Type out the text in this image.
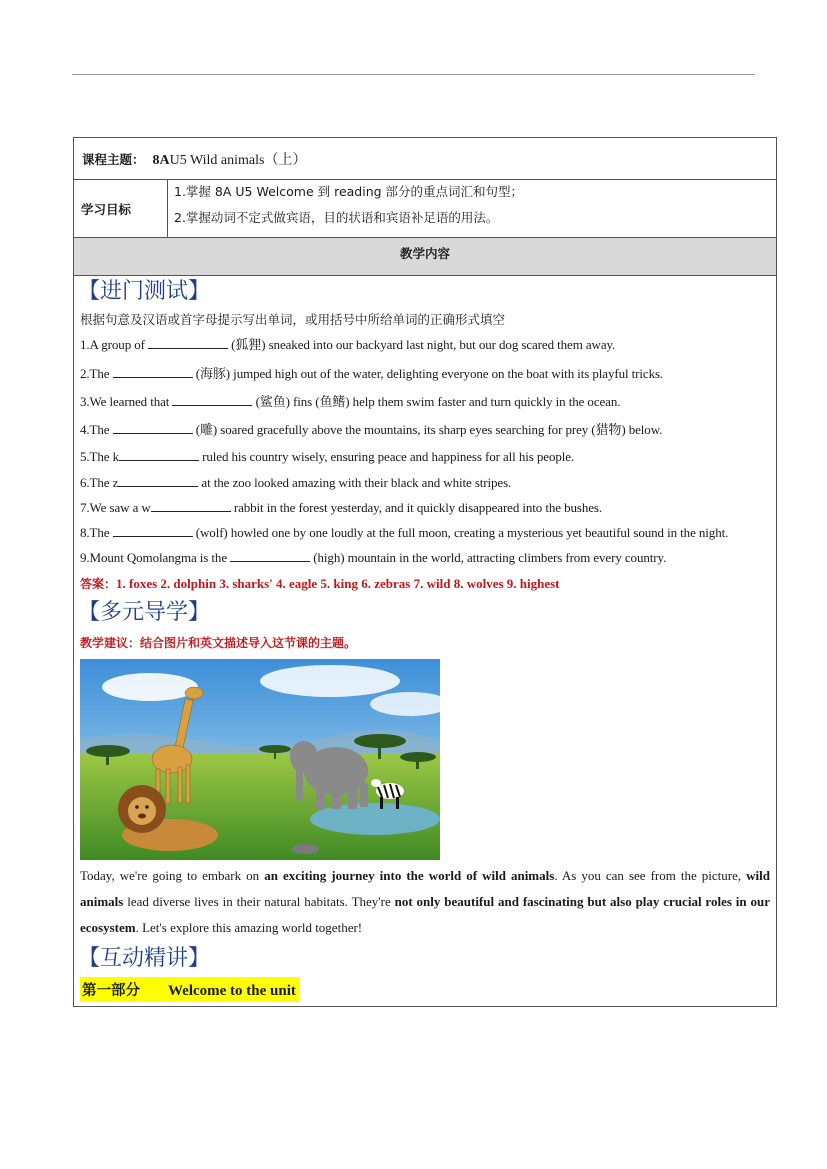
课程主题： 8AU5 Wild animals（上）
学习目标
1.掌握 8A U5 Welcome 到 reading 部分的重点词汇和句型；
2.掌握动词不定式做宾语，目的状语和宾语补足语的用法。
教学内容
【进门测试】
根据句意及汉语或首字母提示写出单词，或用括号中所给单词的正确形式填空
1.A group of	(狐狸) sneaked into our backyard last night, but our dog scared them away.
2.The	(海豚) jumped high out of the water, delighting everyone on the boat with its playful tricks.
3.We learned that	(鲨鱼) fins (鱼鳍) help them swim faster and turn quickly in the ocean.
4.The	(雕) soared gracefully above the mountains, its sharp eyes searching for prey (猎物) below.
5.The k	ruled his country wisely, ensuring peace and happiness for all his people.
6.The z	at the zoo looked amazing with their black and white stripes.
7.We saw a w	rabbit in the forest yesterday, and it quickly disappeared into the bushes.
8.The	(wolf) howled one by one loudly at the full moon, creating a mysterious yet beautiful sound in the night.
9.Mount Qomolangma is the	(high) mountain in the world, attracting climbers from every country.
答案：1. foxes 2. dolphin 3. sharks' 4. eagle 5. king 6. zebras 7. wild 8. wolves 9. highest
【多元导学】
教学建议：结合图片和英文描述导入这节课的主题。
Today, we're going to embark on an exciting journey into the world of wild animals. As you can see from the picture, wild animals lead diverse lives in their natural habitats. They're not only beautiful and fascinating but also play crucial roles in our ecosystem. Let's explore this amazing world together!
【互动精讲】
第一部分 Welcome to the unit
